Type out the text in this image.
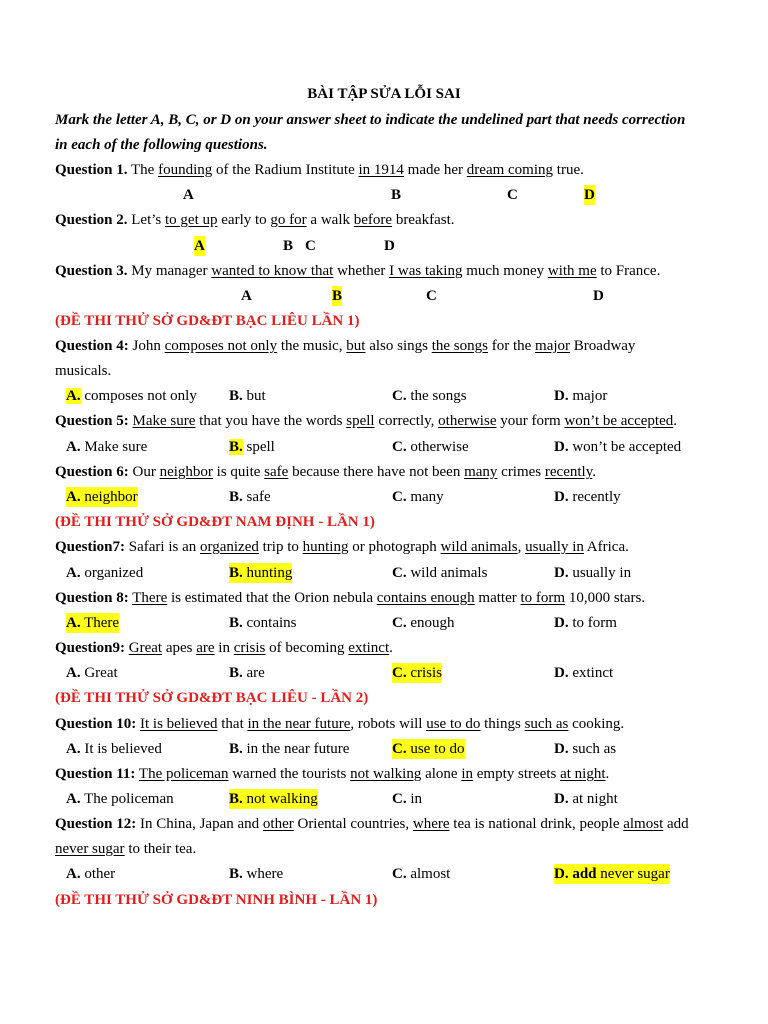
BÀI TẬP SỬA LỖI SAI
Mark the letter A, B, C, or D on your answer sheet to indicate the undelined part that needs correction
in each of the following questions.
Question 1. The founding of the Radium Institute in 1914 made her dream coming true.
A	B	C	D
Question 2. Let’s to get up early to go for a walk before breakfast.
A	B C	D
Question 3. My manager wanted to know that whether I was taking much money with me to France.
A	B	C	D
(ĐỀ THI THỬ SỞ GD&ĐT BẠC LIÊU LẦN 1)
Question 4: John composes not only the music, but also sings the songs for the major Broadway
musicals.
A. composes not only B. but	C. the songs	D. major
Question 5: Make sure that you have the words spell correctly, otherwise your form won’t be accepted.
A. Make sure	B. spell	C. otherwise	D. won’t be accepted
Question 6: Our neighbor is quite safe because there have not been many crimes recently.
A. neighbor	B. safe	C. many	D. recently
(ĐỀ THI THỬ SỞ GD&ĐT NAM ĐỊNH - LẦN 1)
Question7: Safari is an organized trip to hunting or photograph wild animals, usually in Africa.
A. organized	B. hunting	C. wild animals	D. usually in
Question 8: There is estimated that the Orion nebula contains enough matter to form 10,000 stars.
A. There	B. contains	C. enough	D. to form
Question9: Great apes are in crisis of becoming extinct.
A. Great	B. are	C. crisis	D. extinct
(ĐỀ THI THỬ SỞ GD&ĐT BẠC LIÊU - LẦN 2)
Question 10: It is believed that in the near future, robots will use to do things such as cooking.
A. It is believed	B. in the near future	C. use to do	D. such as
Question 11: The policeman warned the tourists not walking alone in empty streets at night.
A. The policeman	B. not walking	C. in	D. at night
Question 12: In China, Japan and other Oriental countries, where tea is national drink, people almost add
never sugar to their tea.
A. other	B. where	C. almost	D. add never sugar
(ĐỀ THI THỬ SỞ GD&ĐT NINH BÌNH - LẦN 1)
